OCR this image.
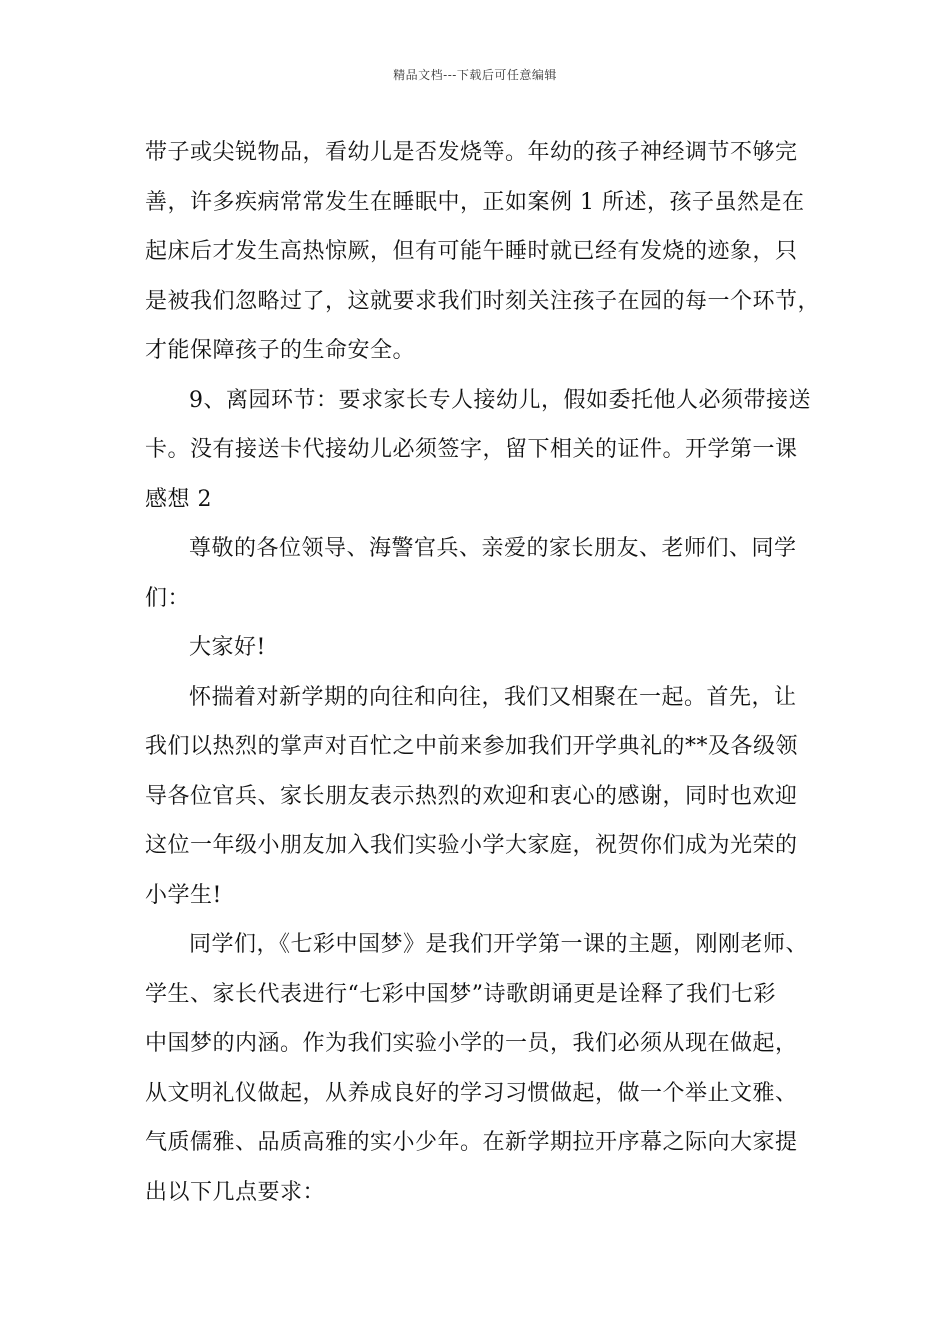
精品文档---下载后可任意编辑
带子或尖锐物品，看幼儿是否发烧等。年幼的孩子神经调节不够完
善，许多疾病常常发生在睡眠中，正如案例 1 所述，孩子虽然是在
起床后才发生高热惊厥，但有可能午睡时就已经有发烧的迹象，只
是被我们忽略过了，这就要求我们时刻关注孩子在园的每一个环节，
才能保障孩子的生命安全。
9、离园环节：要求家长专人接幼儿，假如委托他人必须带接送
卡。没有接送卡代接幼儿必须签字，留下相关的证件。开学第一课
感想 2
尊敬的各位领导、海警官兵、亲爱的家长朋友、老师们、同学
们：
大家好!
怀揣着对新学期的向往和向往，我们又相聚在一起。首先，让
我们以热烈的掌声对百忙之中前来参加我们开学典礼的**及各级领
导各位官兵、家长朋友表示热烈的欢迎和衷心的感谢，同时也欢迎
这位一年级小朋友加入我们实验小学大家庭，祝贺你们成为光荣的
小学生!
同学们，《七彩中国梦》是我们开学第一课的主题，刚刚老师、
学生、家长代表进行“七彩中国梦”诗歌朗诵更是诠释了我们七彩
中国梦的内涵。作为我们实验小学的一员，我们必须从现在做起，
从文明礼仪做起，从养成良好的学习习惯做起，做一个举止文雅、
气质儒雅、品质高雅的实小少年。在新学期拉开序幕之际向大家提
出以下几点要求：
